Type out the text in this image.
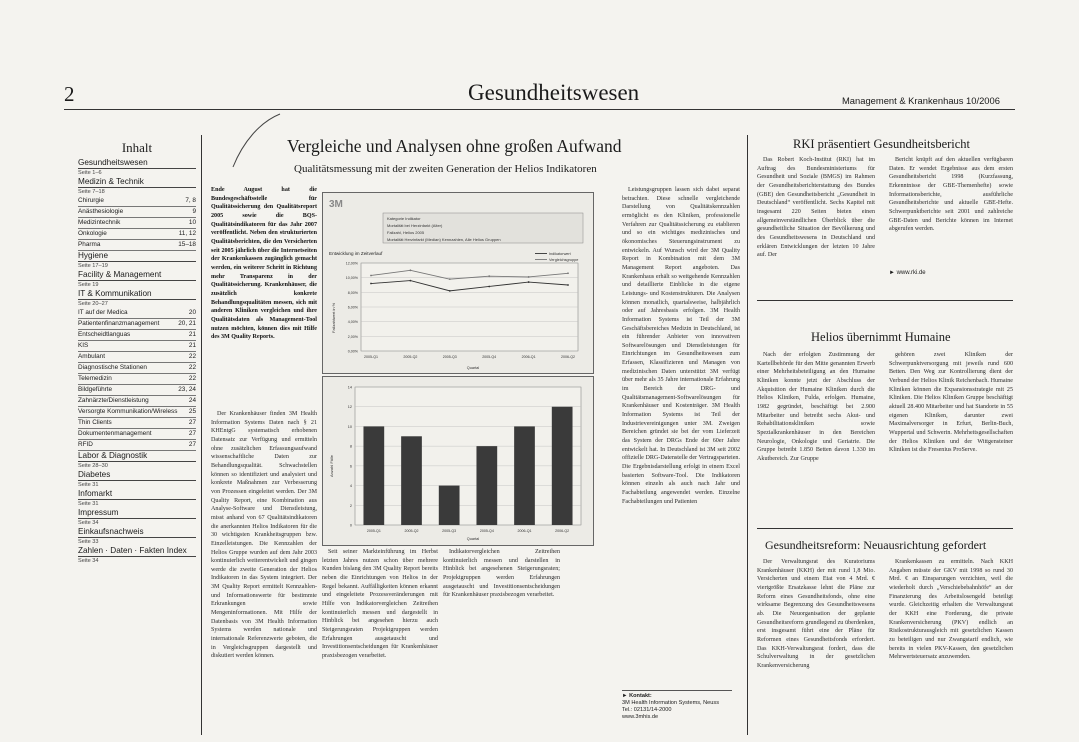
2	Gesundheitswesen	Management & Krankenhaus 10/2006
Inhalt
Gesundheitswesen
Seite 1–6
Medizin & Technik
Seite 7–18
Chirurgie	7, 8
Anästhesiologie	9
Medizintechnik	10
Onkologie	11, 12
Pharma	15–18
Hygiene
Seite 17–19
Facility & Management
Seite 19
IT & Kommunikation
Seite 20–27
IT auf der Medica	20
Patientenfinanzmanagement	20, 21
Entscheidtlanguas	21
KIS	21
Ambulant	22
Diagnostische Stationen	22
Telemedizin	22
Bildgeführte	23, 24
Zahnärzte/Dienstleistung	24
Versorgte Kommunikation/Wireless 25
Thin Clients	27
Dokumentenmanagement	27
RFID	27
Labor & Diagnostik
Seite 28–30
Diabetes
Seite 31
Infomarkt
Seite 31
Impressum
Seite 34
Einkaufsnachweis
Seite 33
Zahlen · Daten · Fakten Index
Seite 34
Vergleiche und Analysen ohne großen Aufwand
Qualitätsmessung mit der zweiten Generation der Helios Indikatoren

Ende August hat die Bundesgeschäftsstelle für Qualitätssicherung den Qualitätsreport 2005 sowie die BQS-Qualitätsindikatoren für das Jahr 2007 veröffentlicht. Neben den strukturierten Qualitätsberichten, die den Versicherten seit 2005 jährlich über die Internetseiten der Krankenkassen zugänglich gemacht werden, ein weiterer Schritt in Richtung mehr Transparenz in der Qualitätssicherung. Krankenhäuser, die zusätzlich konkrete Behandlungsqualitäten messen, sich mit anderen Kliniken vergleichen und ihre Qualitätsdaten als Management-Tool nutzen möchten, können dies mit Hilfe des 3M Quality Reports.

Der Krankenhäuser finden 3M Health Information Systems Daten nach § 21 KHEntgG systematisch erhobenen Datensatz zur Verfügung und ermitteln ohne zusätzlichen Erfassungsaufwand wissenschaftliche Daten zur Behandlungsqualität. Schwachstellen können so identifiziert und analysiert und konkrete Maßnahmen zur Verbesserung von Prozessen eingeleitet werden. Der 3M Quality Report, eine Kombination aus Analyse-Software und Dienstleistung, misst anhand von 67 Qualitätsindikatoren die anerkannten Helios Indikatoren für die 30 wichtigsten Krankheitsgruppen bzw. Einzelleistungen. Die Kennzahlen der Helios Gruppe wurden auf dem Jahr 2003 kontinuierlich weiterentwickelt und gingen werde die zweite Generation der Helios Indikatoren in das System integriert. Der 3M Quality Report ermittelt Kennzahlen- und Informationswerte für bestimmte Erkrankungen sowie Mengeninformationen. Mit Hilfe der Datenbasis von 3M Health Information Systems werden nationale und internationale Referenzwerte geboten, die in Vergleichsgruppen dargestellt und diskutiert werden können.

3M
Kategorie Indikator
Mortalität bei Herzinfarkt (Alter)
Fallzahl, Helios 2005
Mortalität Herzinfarkt (Median) Kennzahlen, Alle Helios Gruppen
Entwicklung im Zeitverlauf	Indikatorwert
Vergleichsgruppe
Fallzahlwert in %
Quartal
12,00%
10,00%
8,00%
6,00%
4,00%
2,00%
0,00%
2005-Q1	2005-Q2	2005-Q3	2005-Q4	2006-Q1	2006-Q2
Anzahl Fälle
Quartal
0
2
4
6
8
10
12
14
2005-Q1	2005-Q2	2005-Q3	2005-Q4	2006-Q1	2006-Q2

Seit seiner Markteinführung im Herbst letzten Jahres nutzen schon über mehrere Kunden bislang den 3M Quality Report bereits neben die Einrichtungen von Helios in der Regel bekannt. Auffälligkeiten können erkannt und eingeleitete Prozessveränderungen mit Hilfe von Indikatorvergleichen Zeitreihen kontinuierlich messen und dargestellt in Hinblick bei angesehen hierzu auch Steigerungsraten Projektgruppen werden Erfahrungen ausgetauscht und Investitionsentscheidungen für Krankenhäuser praxisbezogen verarbeitet.

Indikatorvergleichen Zeitreihen kontinuierlich messen und darstellen in Hinblick bei angesehenen Steigerungsraten; Projektgruppen werden Erfahrungen ausgetauscht und Investitionsentscheidungen für Krankenhäuser praxisbezogen verarbeitet.

Leistungsgruppen lassen sich dabei separat betrachten. Diese schnelle vergleichende Darstellung von Qualitätskennzahlen ermöglicht es den Kliniken, professionelle Verfahren zur Qualitätssicherung zu etablieren und so ein wichtiges medizinisches und ökonomisches Steuerungsinstrument zu entwickeln. Auf Wunsch wird der 3M Quality Report in Kombination mit dem 3M Management Report angeboten. Das Krankenhaus erhält so weitgehende Kennzahlen und detaillierte Einblicke in die eigene Leistungs- und Kostenstrukturen. Die Analysen können monatlich, quartalsweise, halbjährlich oder auf Jahresbasis erfolgen. 3M Health Information Systems ist Teil der 3M Geschäftsbereiches Medizin in Deutschland, ist ein führender Anbieter von innovativen Softwarelösungen und Dienstleistungen für Einrichtungen im Gesundheitswesen zum Erfassen, Klassifizieren und Managen von medizinischen Daten unterstützt 3M verfügt über mehr als 35 Jahre internationale Erfahrung im Bereich der DRG- und Qualitätsmanagement-Softwarelösungen für Krankenhäuser und Kostenträger. 3M Health Information Systems ist Teil der Industrievereinigungen unter 3M. Zweigen Bereichen gründet sie bei der vom Lieferzeit das System der DRGs Ende der 60er Jahre entwickelt hat. In Deutschland ist 3M seit 2002 offizielle DRG-Datenstelle der Vertragsparteien. Die Ergebnisdarstellung erfolgt in einem Excel basierten Software-Tool. Die Indikatoren können einzeln als auch nach Jahr und Fachabteilung angewendet werden. Einzelne Fachabteilungen und Patienten

► Kontakt:
3M Health Information Systems, Neuss
Tel.: 02131/14-2000
www.3mhis.de
RKI präsentiert Gesundheitsbericht

Das Robert Koch-Institut (RKI) hat im Auftrag des Bundesministeriums für Gesundheit und Soziale (BMGS) im Rahmen der Gesundheitsberichterstattung des Bundes (GBE) den Gesundheitsbericht „Gesundheit in Deutschland“ veröffentlicht. Sechs Kapitel mit insgesamt 220 Seiten bieten einen allgemeinverständlichen Überblick über die gesundheitliche Situation der Bevölkerung und des Gesundheitswesens in Deutschland und erklären Entwicklungen der letzten 10 Jahre auf. Der

Bericht knüpft auf den aktuellen verfügbaren Daten. Er wendet Ergebnisse aus dem ersten Gesundheitsbericht 1998 (Kurzfassung, Erkenntnisse der GBE-Themenhefte) sowie Informationsberichte, ausführliche Gesundheitsberichte und aktuelle GBE-Hefte. Schwerpunktberichte seit 2001 und zahlreiche GBE-Daten und Berichte können im Internet abgerufen werden.

► www.rki.de
Helios übernimmt Humaine

Nach der erfolgten Zustimmung der Kartellbehörde für den Mitte genannten Erwerb einer Mehrheitsbeteiligung an den Humaine Kliniken konnte jetzt der Abschluss der Akquisition der Humaine Kliniken durch die Helios Kliniken, Fulda, erfolgen. Humaine, 1982 gegründet, beschäftigt bei 2.900 Mitarbeiter und betreibt sechs Akut- und Rehabilitationskliniken sowie Spezialkrankenhäuser in den Bereichen Neurologie, Onkologie und Geriatrie. Die Gruppe betreibt 1.850 Betten davon 1.330 im Akutbereich. Zur Gruppe

gehören zwei Kliniken der Schwerpunktversorgung mit jeweils rund 600 Betten. Den Weg zur Kontrollierung dient der Verbund der Helios Klinik Reichenbach. Humaine Kliniken können die Expansionsstrategie mit 25 Kliniken. Die Helios Kliniken Gruppe beschäftigt aktuell 28.400 Mitarbeiter und hat Standorte in 55 eigenen Kliniken, darunter zwei Maximalversorger in Erfurt, Berlin-Buch, Wuppertal und Schwerin. Mehrheitsgesellschaften der Helios Kliniken und der Wittgensteiner Kliniken ist die Fresenius ProServe.

Gesundheitsreform: Neuausrichtung gefordert

Der Verwaltungsrat des Kuratoriums Krankenhäuser (KKH) der mit rund 1,8 Mio. Versicherten und einem Etat von 4 Mrd. € viertgrößte Ersatzkasse lehnt die Pläne zur Reform eines Gesundheitsfonds, ohne eine wirksame Begrenzung des Gesundheitswesens ab. Die Neuorganisation der geplante Gesundheitsreform grundlegend zu überdenken, erst insgesamt führt eine der Pläne für Reformen eines Gesundheitsfonds erfordert. Das KKH-Verwaltungsrat fordert, dass die Schulverwaltung in der gesetzlichen Krankenversicherung

Krankenkassen zu ermitteln. Nach KKH Angaben müsste der GKV mit 1998 so rund 30 Mrd. € an Einsparungen verzichten, weil die wiederholt durch „Verschiebebahnhöfe“ an der Finanzierung des Arbeitslosengeld beteiligt wurde. Gleichzeitig erhalten die Verwaltungsrat der KKH eine Forderung, die private Krankenversicherung (PKV) endlich an Risikostrukturausgleich mit gesetzlichen Kassen zu beteiligen und nur Zwangstarif endlich, wie bereits in vielen PKV-Kassen, den gesetzlichen Mehrwertsteuersatz anzuwenden.
